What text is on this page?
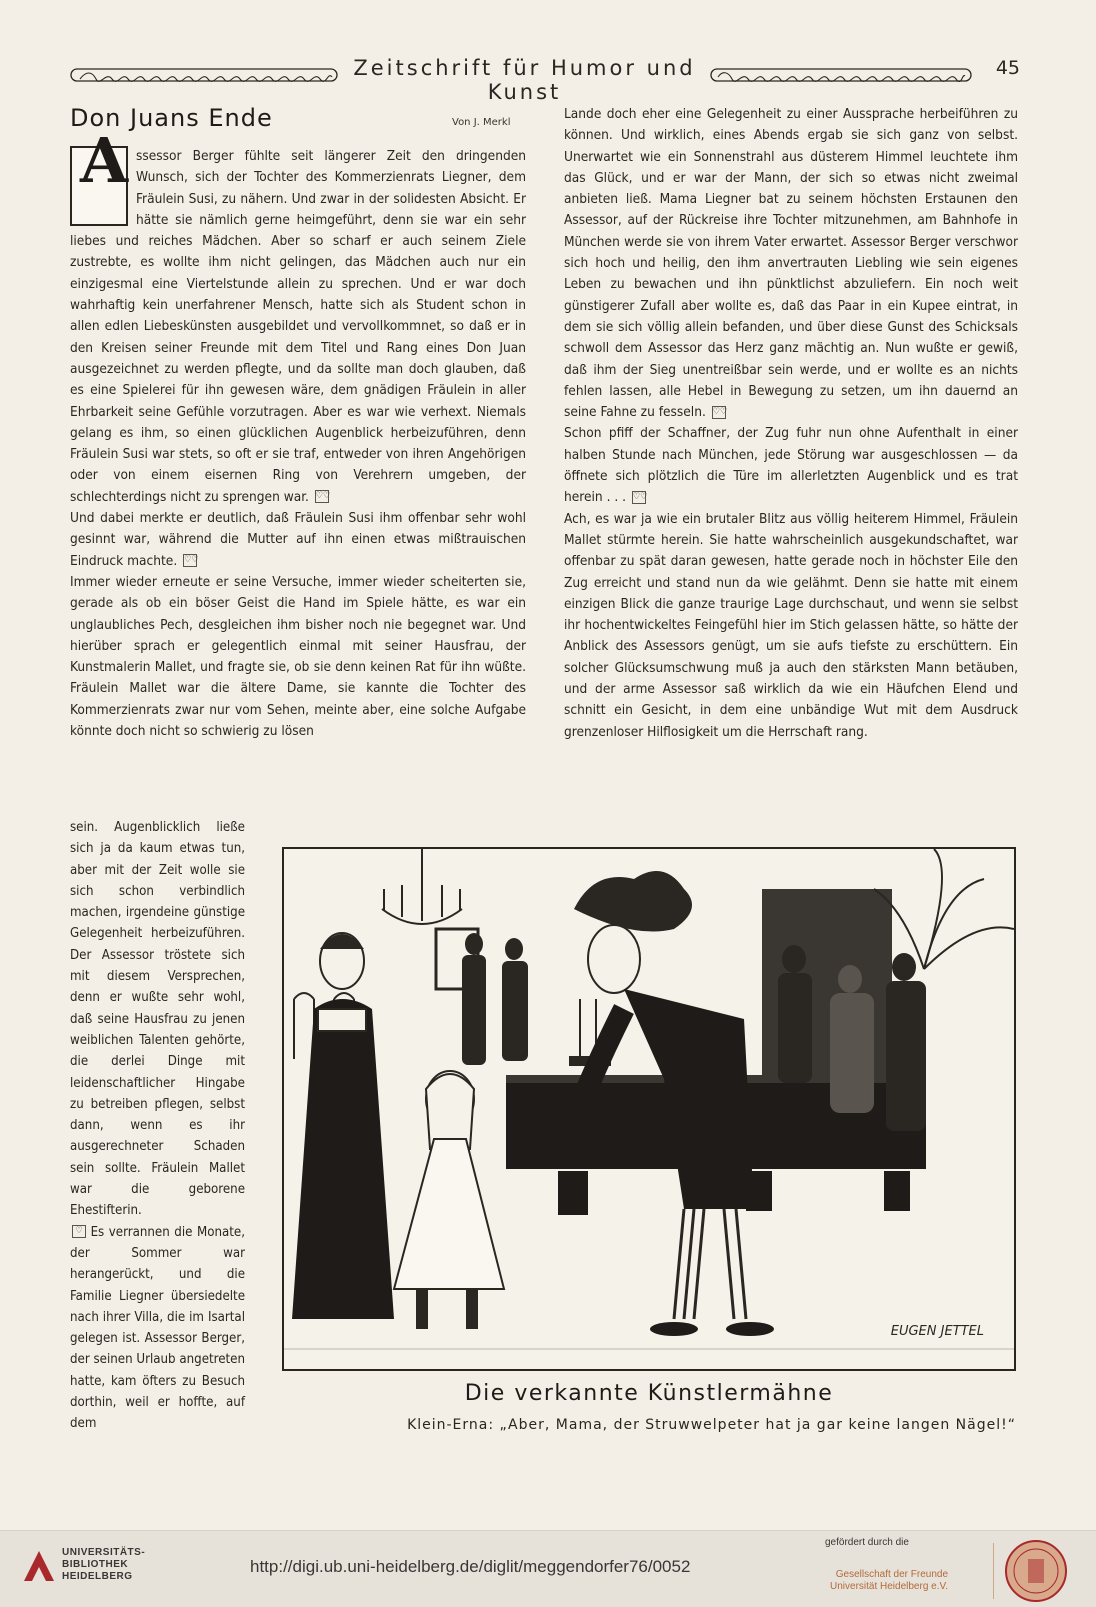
Zeitschrift für Humor und Kunst
45
Don Juans Ende	Von J. Merkl
A ssessor Berger fühlte seit längerer Zeit den dringenden Wunsch, sich der Tochter des Kommerzienrats Liegner, dem Fräulein Susi, zu nähern. Und zwar in der solidesten Absicht. Er hätte sie nämlich gerne heimgeführt, denn sie war ein sehr liebes und reiches Mädchen. Aber so scharf er auch seinem Ziele zustrebte, es wollte ihm nicht gelingen, das Mädchen auch nur ein einzigesmal eine Viertelstunde allein zu sprechen. Und er war doch wahrhaftig kein unerfahrener Mensch, hatte sich als Student schon in allen edlen Liebeskünsten ausgebildet und vervollkommnet, so daß er in den Kreisen seiner Freunde mit dem Titel und Rang eines Don Juan ausgezeichnet zu werden pflegte, und da sollte man doch glauben, daß es eine Spielerei für ihn gewesen wäre, dem gnädigen Fräulein in aller Ehrbarkeit seine Gefühle vorzutragen. Aber es war wie verhext. Niemals gelang es ihm, so einen glücklichen Augenblick herbeizuführen, denn Fräulein Susi war stets, so oft er sie traf, entweder von ihren Angehörigen oder von einem eisernen Ring von Verehrern umgeben, der schlechterdings nicht zu sprengen war. ♡♡

Und dabei merkte er deutlich, daß Fräulein Susi ihm offenbar sehr wohl gesinnt war, während die Mutter auf ihn einen etwas mißtrauischen Eindruck machte. ♡♡

Immer wieder erneute er seine Versuche, immer wieder scheiterten sie, gerade als ob ein böser Geist die Hand im Spiele hätte, es war ein unglaubliches Pech, desgleichen ihm bisher noch nie begegnet war. Und hierüber sprach er gelegentlich einmal mit seiner Hausfrau, der Kunstmalerin Mallet, und fragte sie, ob sie denn keinen Rat für ihn wüßte. Fräulein Mallet war die ältere Dame, sie kannte die Tochter des Kommerzienrats zwar nur vom Sehen, meinte aber, eine solche Aufgabe könnte doch nicht so schwierig zu lösen

sein. Augenblicklich ließe sich ja da kaum etwas tun, aber mit der Zeit wolle sie sich schon verbindlich machen, irgendeine günstige Gelegenheit herbeizuführen. Der Assessor tröstete sich mit diesem Versprechen, denn er wußte sehr wohl, daß seine Hausfrau zu jenen weiblichen Talenten gehörte, die derlei Dinge mit leidenschaftlicher Hingabe zu betreiben pflegen, selbst dann, wenn es ihr ausgerechneter Schaden sein sollte. Fräulein Mallet war die geborene Ehestifterin.

♡ Es verrannen die Monate, der Sommer war herangerückt, und die Familie Liegner übersiedelte nach ihrer Villa, die im Isartal gelegen ist. Assessor Berger, der seinen Urlaub angetreten hatte, kam öfters zu Besuch dorthin, weil er hoffte, auf dem

Lande doch eher eine Gelegenheit zu einer Aussprache herbeiführen zu können. Und wirklich, eines Abends ergab sie sich ganz von selbst. Unerwartet wie ein Sonnenstrahl aus düsterem Himmel leuchtete ihm das Glück, und er war der Mann, der sich so etwas nicht zweimal anbieten ließ. Mama Liegner bat zu seinem höchsten Erstaunen den Assessor, auf der Rückreise ihre Tochter mitzunehmen, am Bahnhofe in München werde sie von ihrem Vater erwartet. Assessor Berger verschwor sich hoch und heilig, den ihm anvertrauten Liebling wie sein eigenes Leben zu bewachen und ihn pünktlichst abzuliefern. Ein noch weit günstigerer Zufall aber wollte es, daß das Paar in ein Kupee eintrat, in dem sie sich völlig allein befanden, und über diese Gunst des Schicksals schwoll dem Assessor das Herz ganz mächtig an. Nun wußte er gewiß, daß ihm der Sieg unentreißbar sein werde, und er wollte es an nichts fehlen lassen, alle Hebel in Bewegung zu setzen, um ihn dauernd an seine Fahne zu fesseln. ♡♡

Schon pfiff der Schaffner, der Zug fuhr nun ohne Aufenthalt in einer halben Stunde nach München, jede Störung war ausgeschlossen — da öffnete sich plötzlich die Türe im allerletzten Augenblick und es trat herein . . . ♡♡

Ach, es war ja wie ein brutaler Blitz aus völlig heiterem Himmel, Fräulein Mallet stürmte herein. Sie hatte wahrscheinlich ausgekundschaftet, war offenbar zu spät daran gewesen, hatte gerade noch in höchster Eile den Zug erreicht und stand nun da wie gelähmt. Denn sie hatte mit einem einzigen Blick die ganze traurige Lage durchschaut, und wenn sie selbst ihr hochentwickeltes Feingefühl hier im Stich gelassen hätte, so hätte der Anblick des Assessors genügt, um sie aufs tiefste zu erschüttern. Ein solcher Glücksumschwung muß ja auch den stärksten Mann betäuben, und der arme Assessor saß wirklich da wie ein Häufchen Elend und schnitt ein Gesicht, in dem eine unbändige Wut mit dem Ausdruck grenzenloser Hilflosigkeit um die Herrschaft rang.

EUGEN JETTEL
Die verkannte Künstlermähne
Klein-Erna: „Aber, Mama, der Struwwelpeter hat ja gar keine langen Nägel!“
UNIVERSITÄTS-
BIBLIOTHEK
HEIDELBERG
http://digi.ub.uni-heidelberg.de/diglit/meggendorfer76/0052
gefördert durch die
Gesellschaft der Freunde
Universität Heidelberg e.V.
